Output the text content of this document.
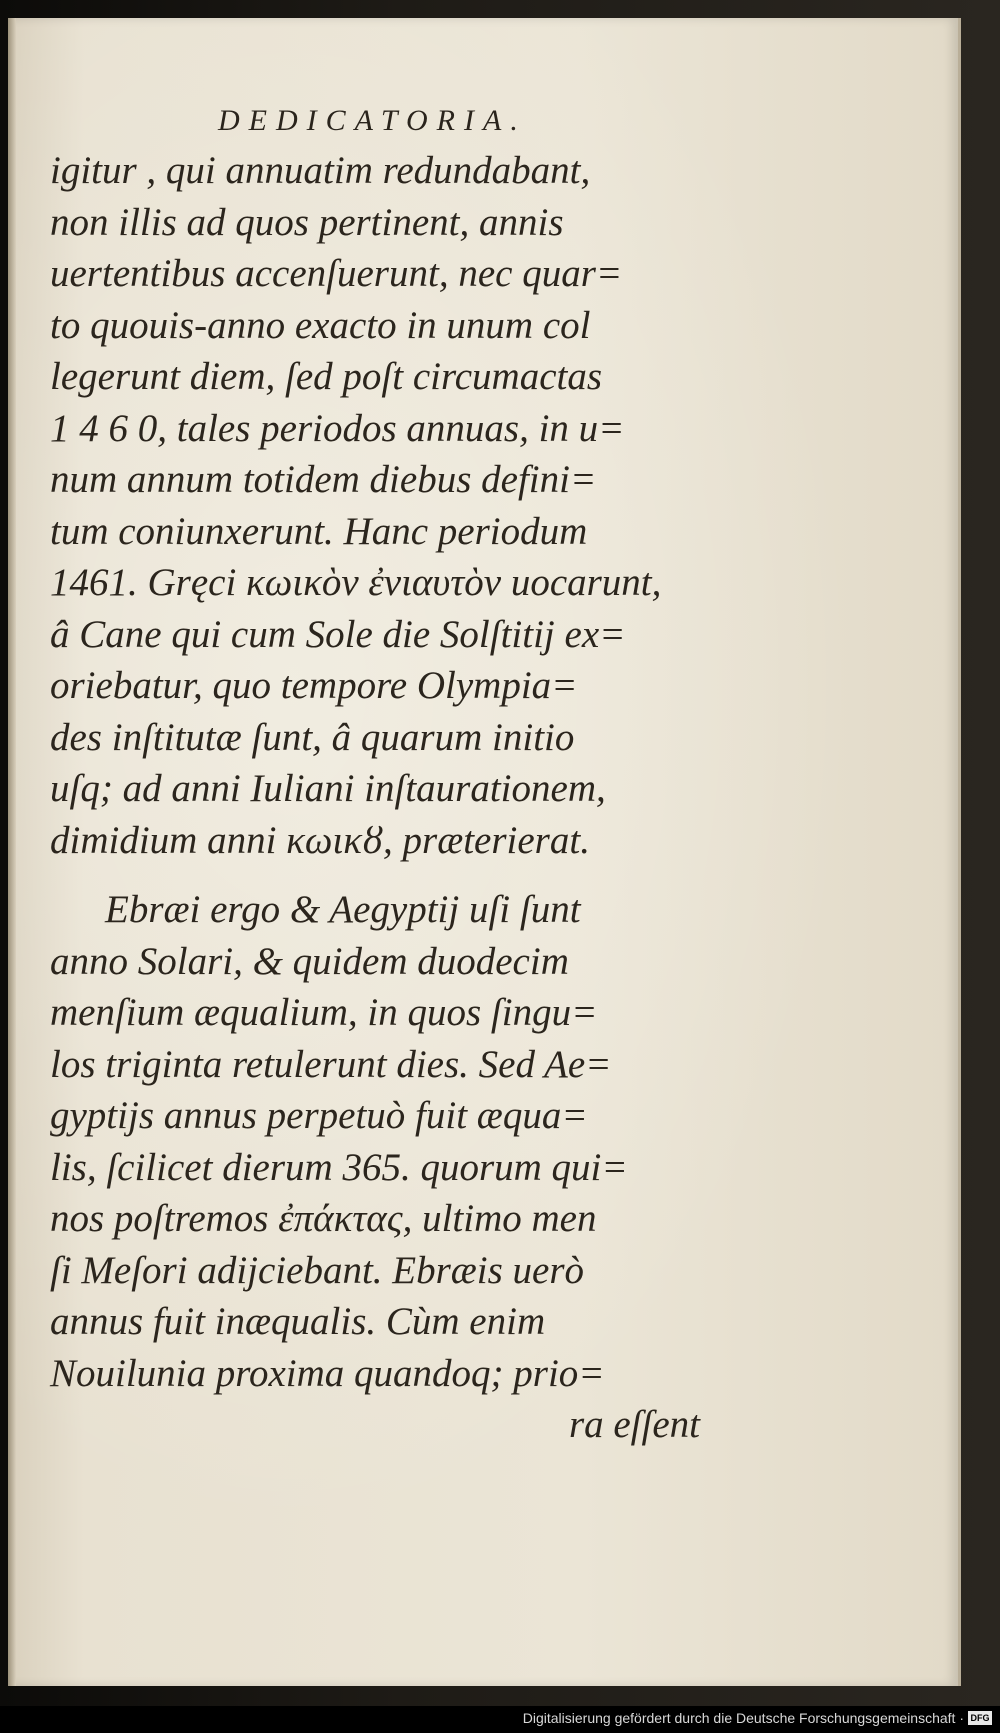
DEDICATORIA.
igitur , qui annuatim redundabant,
non illis ad quos pertinent, annis
uertentibus accenſuerunt, nec quar=
to quouis-anno exacto in unum col
legerunt diem, ſed poſt circumactas
1 4 6 0, tales periodos annuas, in u=
num annum totidem diebus defini=
tum coniunxerunt. Hanc periodum
1461. Gręci κωικὸν ἐνιαυτὸν uocarunt,
â Cane qui cum Sole die Solſtitij ex=
oriebatur, quo tempore Olympia=
des inſtitutæ ſunt, â quarum initio
uſq; ad anni Iuliani inſtaurationem,
dimidium anni κωικȣ, præterierat.
Ebræi ergo & Aegyptij uſi ſunt
anno Solari, & quidem duodecim
menſium æqualium, in quos ſingu=
los triginta retulerunt dies. Sed Ae=
gyptijs annus perpetuò fuit æqua=
lis, ſcilicet dierum 365. quorum qui=
nos poſtremos ἐπάκτας, ultimo men
ſi Meſori adijciebant. Ebræis uerò
annus fuit inæqualis. Cùm enim
Nouilunia proxima quandoq; prio=
ra eſſent
Digitalisierung gefördert durch die Deutsche Forschungsgemeinschaft · DFG
